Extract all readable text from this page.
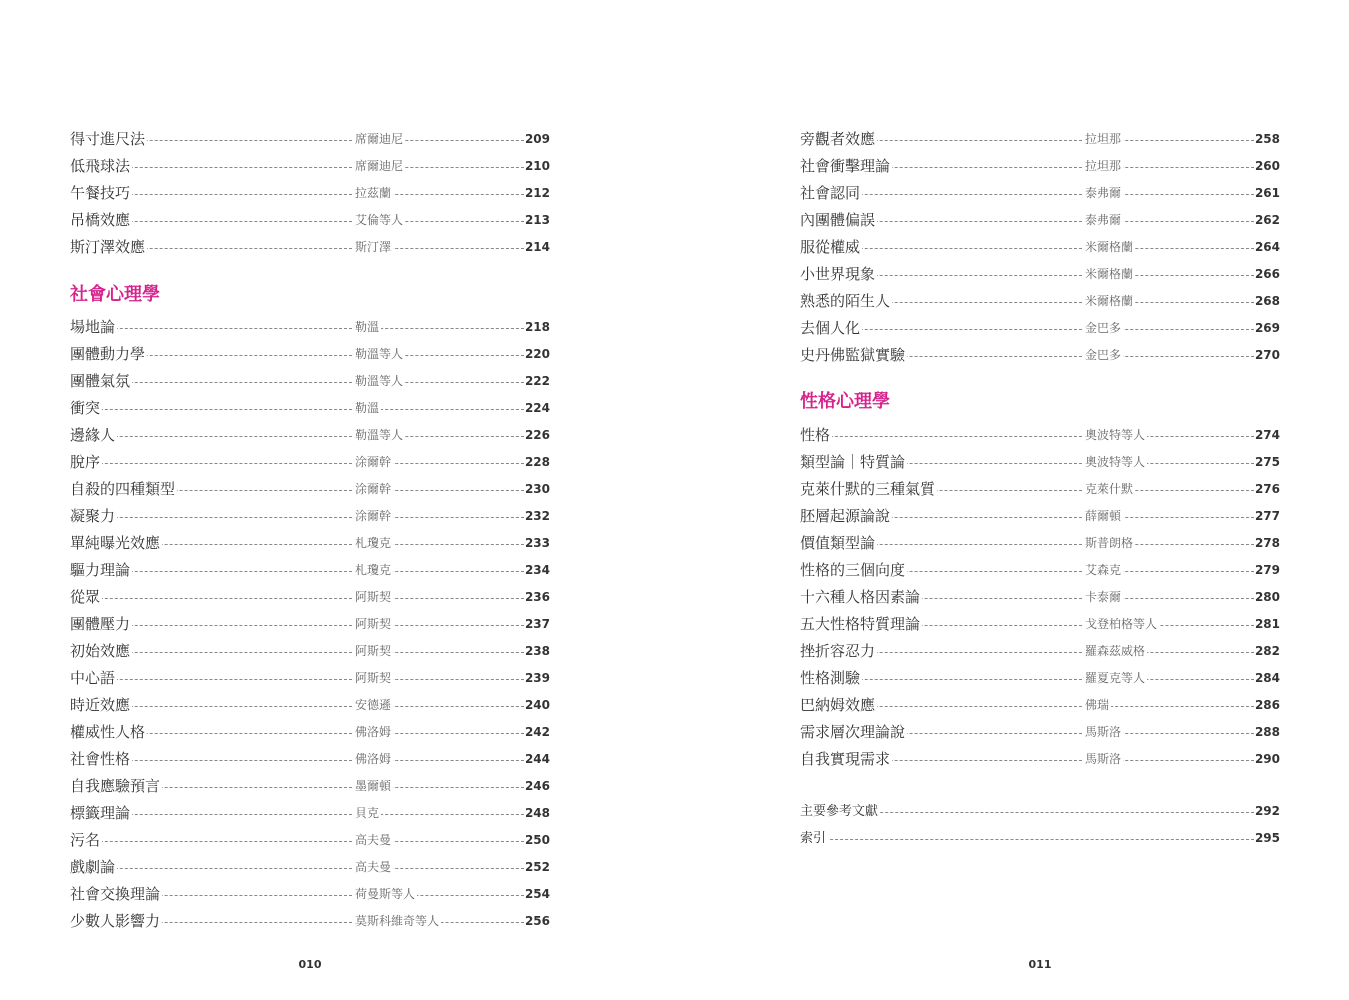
得寸進尺法	席爾迪尼	209
低飛球法	席爾迪尼	210
午餐技巧	拉茲蘭	212
吊橋效應	艾倫等人	213
斯汀澤效應	斯汀澤	214
社會心理學
場地論	勒溫	218
團體動力學	勒溫等人	220
團體氣氛	勒溫等人	222
衝突	勒溫	224
邊緣人	勒溫等人	226
脫序	涂爾幹	228
自殺的四種類型	涂爾幹	230
凝聚力	涂爾幹	232
單純曝光效應	札瓊克	233
驅力理論	札瓊克	234
從眾	阿斯契	236
團體壓力	阿斯契	237
初始效應	阿斯契	238
中心語	阿斯契	239
時近效應	安德遜	240
權威性人格	佛洛姆	242
社會性格	佛洛姆	244
自我應驗預言	墨爾頓	246
標籤理論	貝克	248
污名	高夫曼	250
戲劇論	高夫曼	252
社會交換理論	荷曼斯等人	254
少數人影響力	莫斯科維奇等人	256
010
旁觀者效應	拉坦那	258
社會衝擊理論	拉坦那	260
社會認同	泰弗爾	261
內團體偏誤	泰弗爾	262
服從權威	米爾格蘭	264
小世界現象	米爾格蘭	266
熟悉的陌生人	米爾格蘭	268
去個人化	金巴多	269
史丹佛監獄實驗	金巴多	270
性格心理學
性格	奧波特等人	274
類型論｜特質論	奧波特等人	275
克萊什默的三種氣質	克萊什默	276
胚層起源論說	薛爾頓	277
價值類型論	斯普朗格	278
性格的三個向度	艾森克	279
十六種人格因素論	卡泰爾	280
五大性格特質理論	戈登柏格等人	281
挫折容忍力	羅森茲威格	282
性格測驗	羅夏克等人	284
巴納姆效應	佛瑞	286
需求層次理論說	馬斯洛	288
自我實現需求	馬斯洛	290
主要參考文獻	292
索引	295
011
